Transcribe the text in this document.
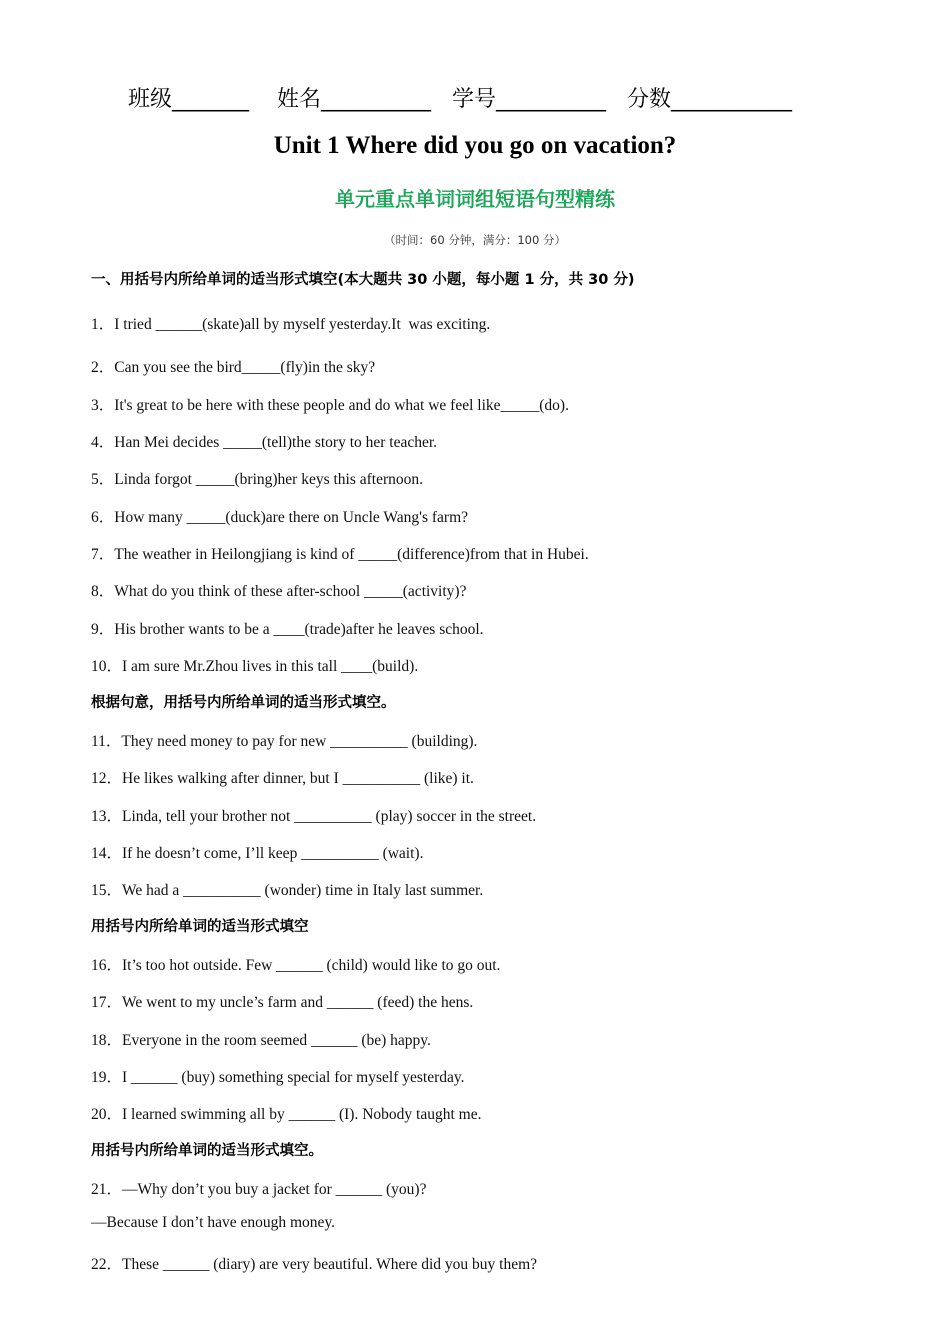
班级_______    姓名__________   学号__________   分数___________
Unit 1 Where did you go on vacation?
单元重点单词词组短语句型精练
（时间：60 分钟，满分：100 分）
一、用括号内所给单词的适当形式填空(本大题共 30 小题，每小题 1 分，共 30 分)
1．I tried ______(skate)all by myself yesterday.It  was exciting.
2．Can you see the bird_____(fly)in the sky?
3．It's great to be here with these people and do what we feel like_____(do).
4．Han Mei decides _____(tell)the story to her teacher.
5．Linda forgot _____(bring)her keys this afternoon.
6．How many _____(duck)are there on Uncle Wang's farm?
7．The weather in Heilongjiang is kind of _____(difference)from that in Hubei.
8．What do you think of these after-school _____(activity)?
9．His brother wants to be a ____(trade)after he leaves school.
10．I am sure Mr.Zhou lives in this tall ____(build).
根据句意，用括号内所给单词的适当形式填空。
11．They need money to pay for new __________ (building).
12．He likes walking after dinner, but I __________ (like) it.
13．Linda, tell your brother not __________ (play) soccer in the street.
14．If he doesn’t come, I’ll keep __________ (wait).
15．We had a __________ (wonder) time in Italy last summer.
用括号内所给单词的适当形式填空
16．It’s too hot outside. Few ______ (child) would like to go out.
17．We went to my uncle’s farm and ______ (feed) the hens.
18．Everyone in the room seemed ______ (be) happy.
19．I ______ (buy) something special for myself yesterday.
20．I learned swimming all by ______ (I). Nobody taught me.
用括号内所给单词的适当形式填空。
21．—Why don’t you buy a jacket for ______ (you)?
—Because I don’t have enough money.
22．These ______ (diary) are very beautiful. Where did you buy them?
